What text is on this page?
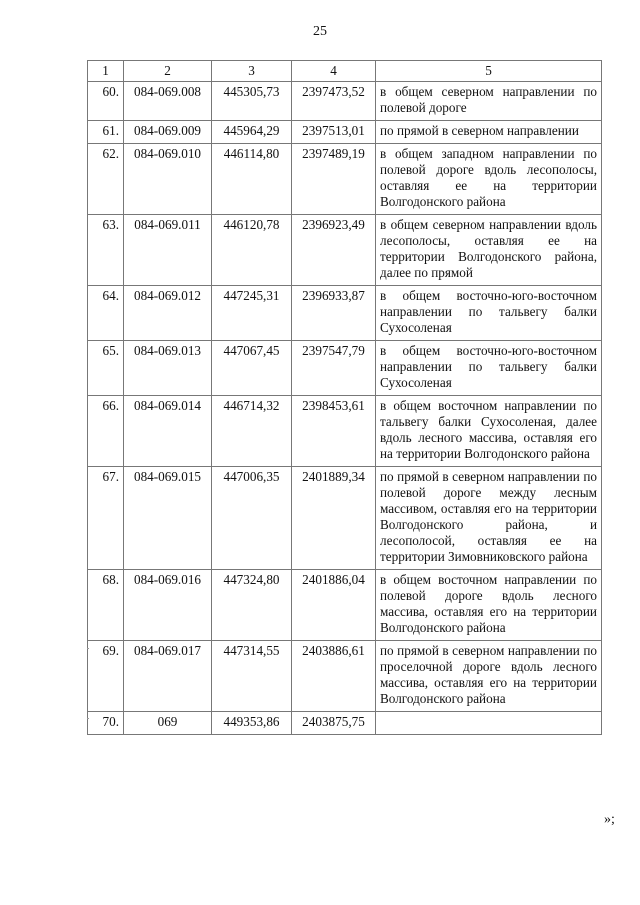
25
1	2	3	4	5
60.	084-069.008	445305,73	2397473,52	в общем северном направлении по полевой дороге
61.	084-069.009	445964,29	2397513,01	по прямой в северном направлении
62.	084-069.010	446114,80	2397489,19	в общем западном направлении по полевой дороге вдоль лесополосы, оставляя ее на территории Волгодонского района
63.	084-069.011	446120,78	2396923,49	в общем северном направлении вдоль лесополосы, оставляя ее на территории Волгодонского района, далее по прямой
64.	084-069.012	447245,31	2396933,87	в общем восточно-юго-восточном направлении по тальвегу балки Сухосоленая
65.	084-069.013	447067,45	2397547,79	в общем восточно-юго-восточном направлении по тальвегу балки Сухосоленая
66.	084-069.014	446714,32	2398453,61	в общем восточном направлении по тальвегу балки Сухосоленая, далее вдоль лесного массива, оставляя его на территории Волгодонского района
67.	084-069.015	447006,35	2401889,34	по прямой в северном направлении по полевой дороге между лесным массивом, оставляя его на территории Волгодонского района, и лесополосой, оставляя ее на территории Зимовниковского района
68.	084-069.016	447324,80	2401886,04	в общем восточном направлении по полевой дороге вдоль лесного массива, оставляя его на территории Волгодонского района
69.	084-069.017	447314,55	2403886,61	по прямой в северном направлении по проселочной дороге вдоль лесного массива, оставляя его на территории Волгодонского района
70.	069	449353,86	2403875,75	
»;
